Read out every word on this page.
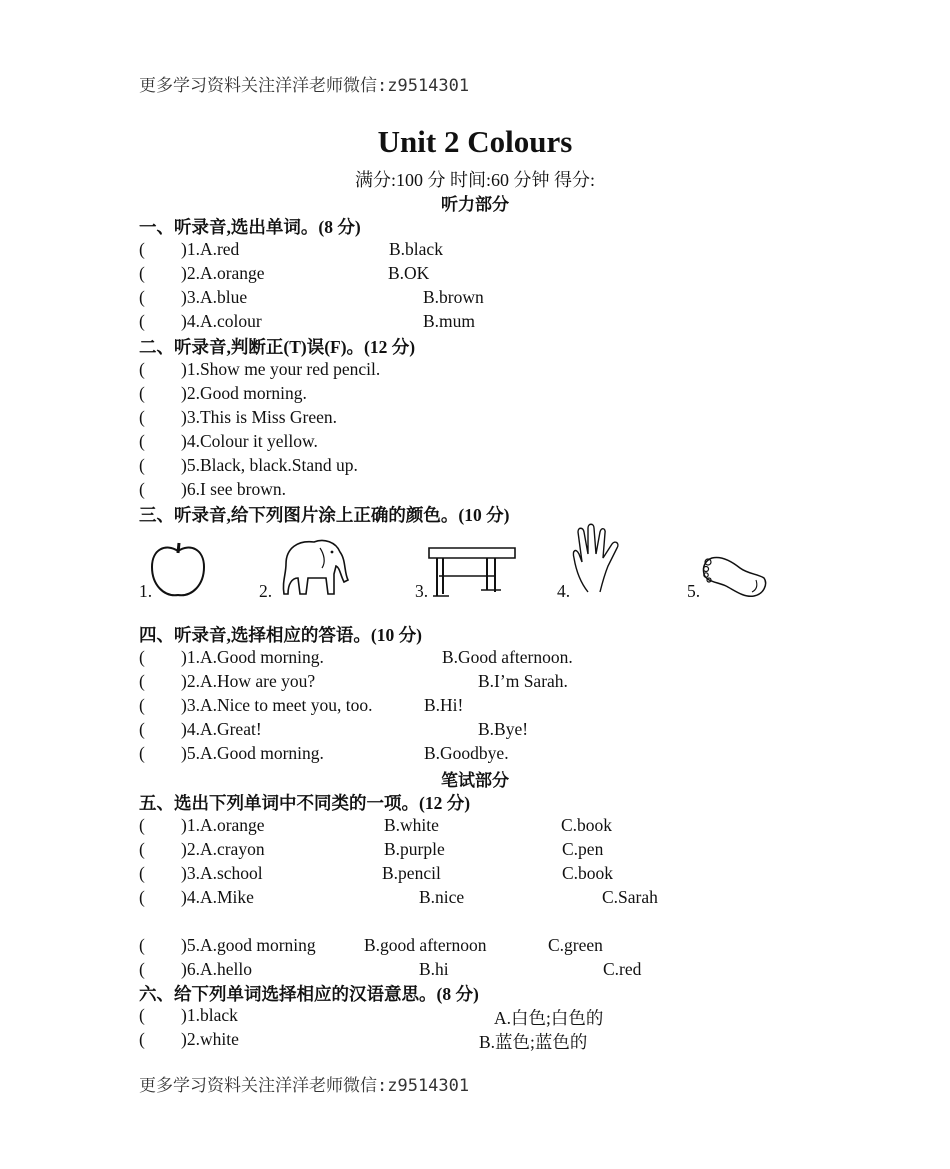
更多学习资料关注洋洋老师微信:z9514301
更多学习资料关注洋洋老师微信:z9514301
Unit 2 Colours
满分:100 分 时间:60 分钟 得分:
听力部分
一、听录音,选出单词。(8 分)
( )1.A.red	B.black
( )2.A.orange	B.OK
( )3.A.blue	B.brown
( )4.A.colour	B.mum
二、听录音,判断正(T)误(F)。(12 分)
( )1.Show me your red pencil.
( )2.Good morning.
( )3.This is Miss Green.
( )4.Colour it yellow.
( )5.Black, black.Stand up.
( )6.I see brown.
三、听录音,给下列图片涂上正确的颜色。(10 分)
1.	2.	3.	4.	5.
四、听录音,选择相应的答语。(10 分)
( )1.A.Good morning.	B.Good afternoon.
( )2.A.How are you?	B.I’m Sarah.
( )3.A.Nice to meet you, too.	B.Hi!
( )4.A.Great!	B.Bye!
( )5.A.Good morning.	B.Goodbye.
笔试部分
五、选出下列单词中不同类的一项。(12 分)
( )1.A.orange	B.white	C.book
( )2.A.crayon	B.purple	C.pen
( )3.A.school	B.pencil	C.book
( )4.A.Mike	B.nice	C.Sarah
( )5.A.good morning	B.good afternoon	C.green
( )6.A.hello	B.hi	C.red
六、给下列单词选择相应的汉语意思。(8 分)
( )1.black	A.白色;白色的
( )2.white	B.蓝色;蓝色的
